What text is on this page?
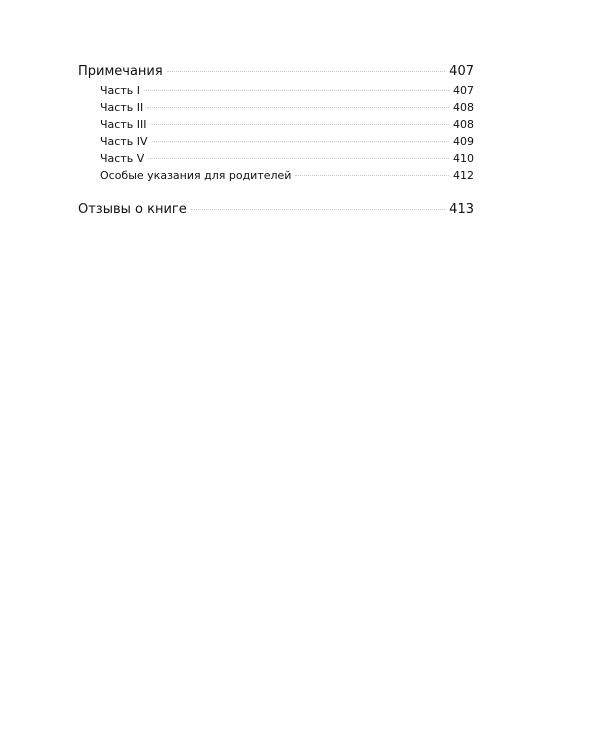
Примечания	407
Часть I	407
Часть II	408
Часть III	408
Часть IV	409
Часть V	410
Особые указания для родителей	412
Отзывы о книге	413
